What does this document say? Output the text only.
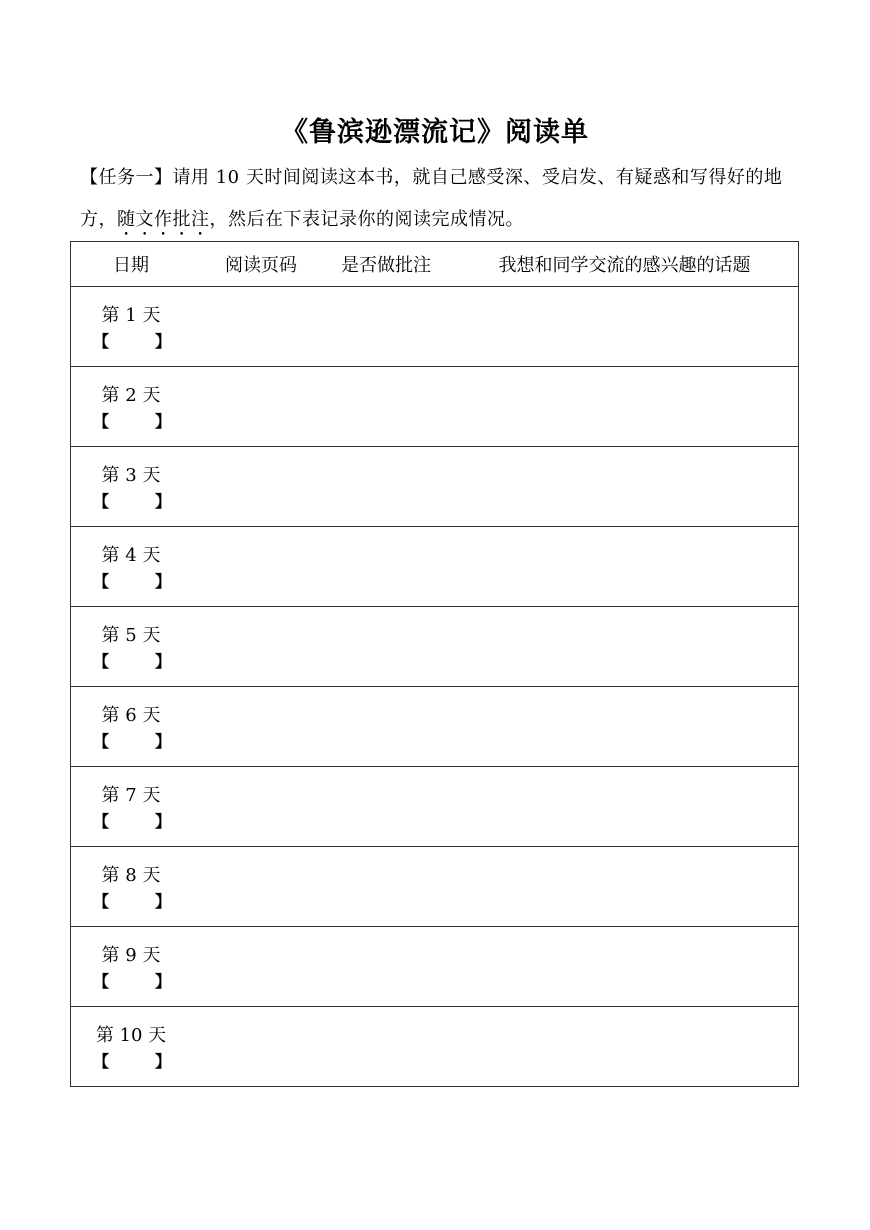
《鲁滨逊漂流记》阅读单
【任务一】请用 10 天时间阅读这本书，就自己感受深、受启发、有疑惑和写得好的地方，随文作批注，然后在下表记录你的阅读完成情况。
日期	阅读页码	是否做批注	我想和同学交流的感兴趣的话题

第 1 天
【	】

第 2 天
【	】

第 3 天
【	】

第 4 天
【	】

第 5 天
【	】

第 6 天
【	】

第 7 天
【	】

第 8 天
【	】

第 9 天
【	】

第 10 天
【	】
